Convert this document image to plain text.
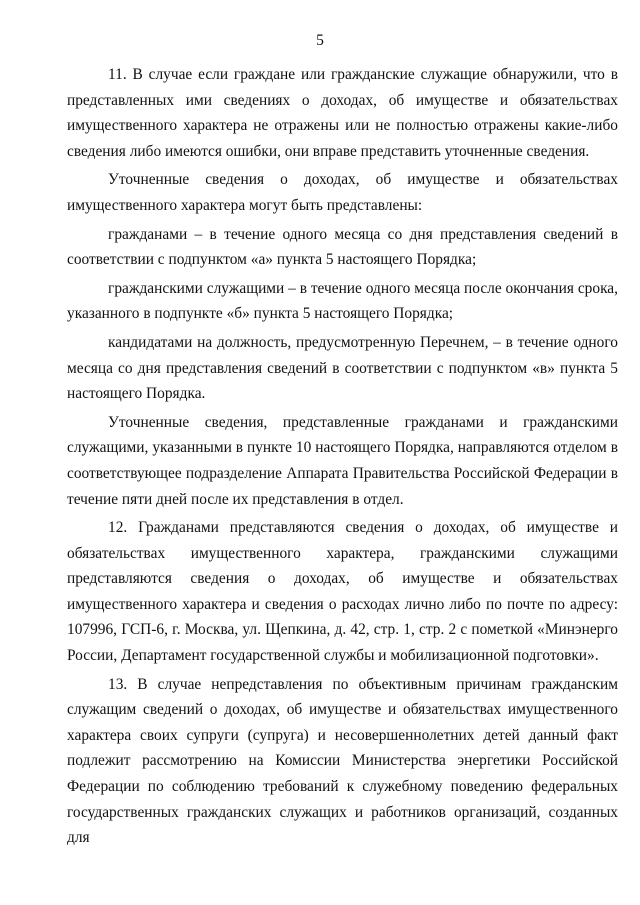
5
11. В случае если граждане или гражданские служащие обнаружили, что в
представленных ими сведениях о доходах, об имуществе и обязательствах
имущественного характера не отражены или не полностью отражены какие-либо
сведения либо имеются ошибки, они вправе представить уточненные сведения.
Уточненные сведения о доходах, об имуществе и обязательствах
имущественного характера могут быть представлены:
гражданами – в течение одного месяца со дня представления сведений в
соответствии с подпунктом «а» пункта 5 настоящего Порядка;
гражданскими служащими – в течение одного месяца после окончания срока,
указанного в подпункте «б» пункта 5 настоящего Порядка;
кандидатами на должность, предусмотренную Перечнем, – в течение одного
месяца со дня представления сведений в соответствии с подпунктом «в» пункта 5
настоящего Порядка.
Уточненные сведения, представленные гражданами и гражданскими
служащими, указанными в пункте 10 настоящего Порядка, направляются отделом в
соответствующее подразделение Аппарата Правительства Российской Федерации в
течение пяти дней после их представления в отдел.
12. Гражданами представляются сведения о доходах, об имуществе и
обязательствах имущественного характера, гражданскими служащими
представляются сведения о доходах, об имуществе и обязательствах
имущественного характера и сведения о расходах лично либо по почте по адресу:
107996, ГСП-6, г. Москва, ул. Щепкина, д. 42, стр. 1, стр. 2 с пометкой «Минэнерго
России, Департамент государственной службы и мобилизационной подготовки».
13. В случае непредставления по объективным причинам гражданским
служащим сведений о доходах, об имуществе и обязательствах имущественного
характера своих супруги (супруга) и несовершеннолетних детей данный факт
подлежит рассмотрению на Комиссии Министерства энергетики Российской
Федерации по соблюдению требований к служебному поведению федеральных
государственных гражданских служащих и работников организаций, созданных для
